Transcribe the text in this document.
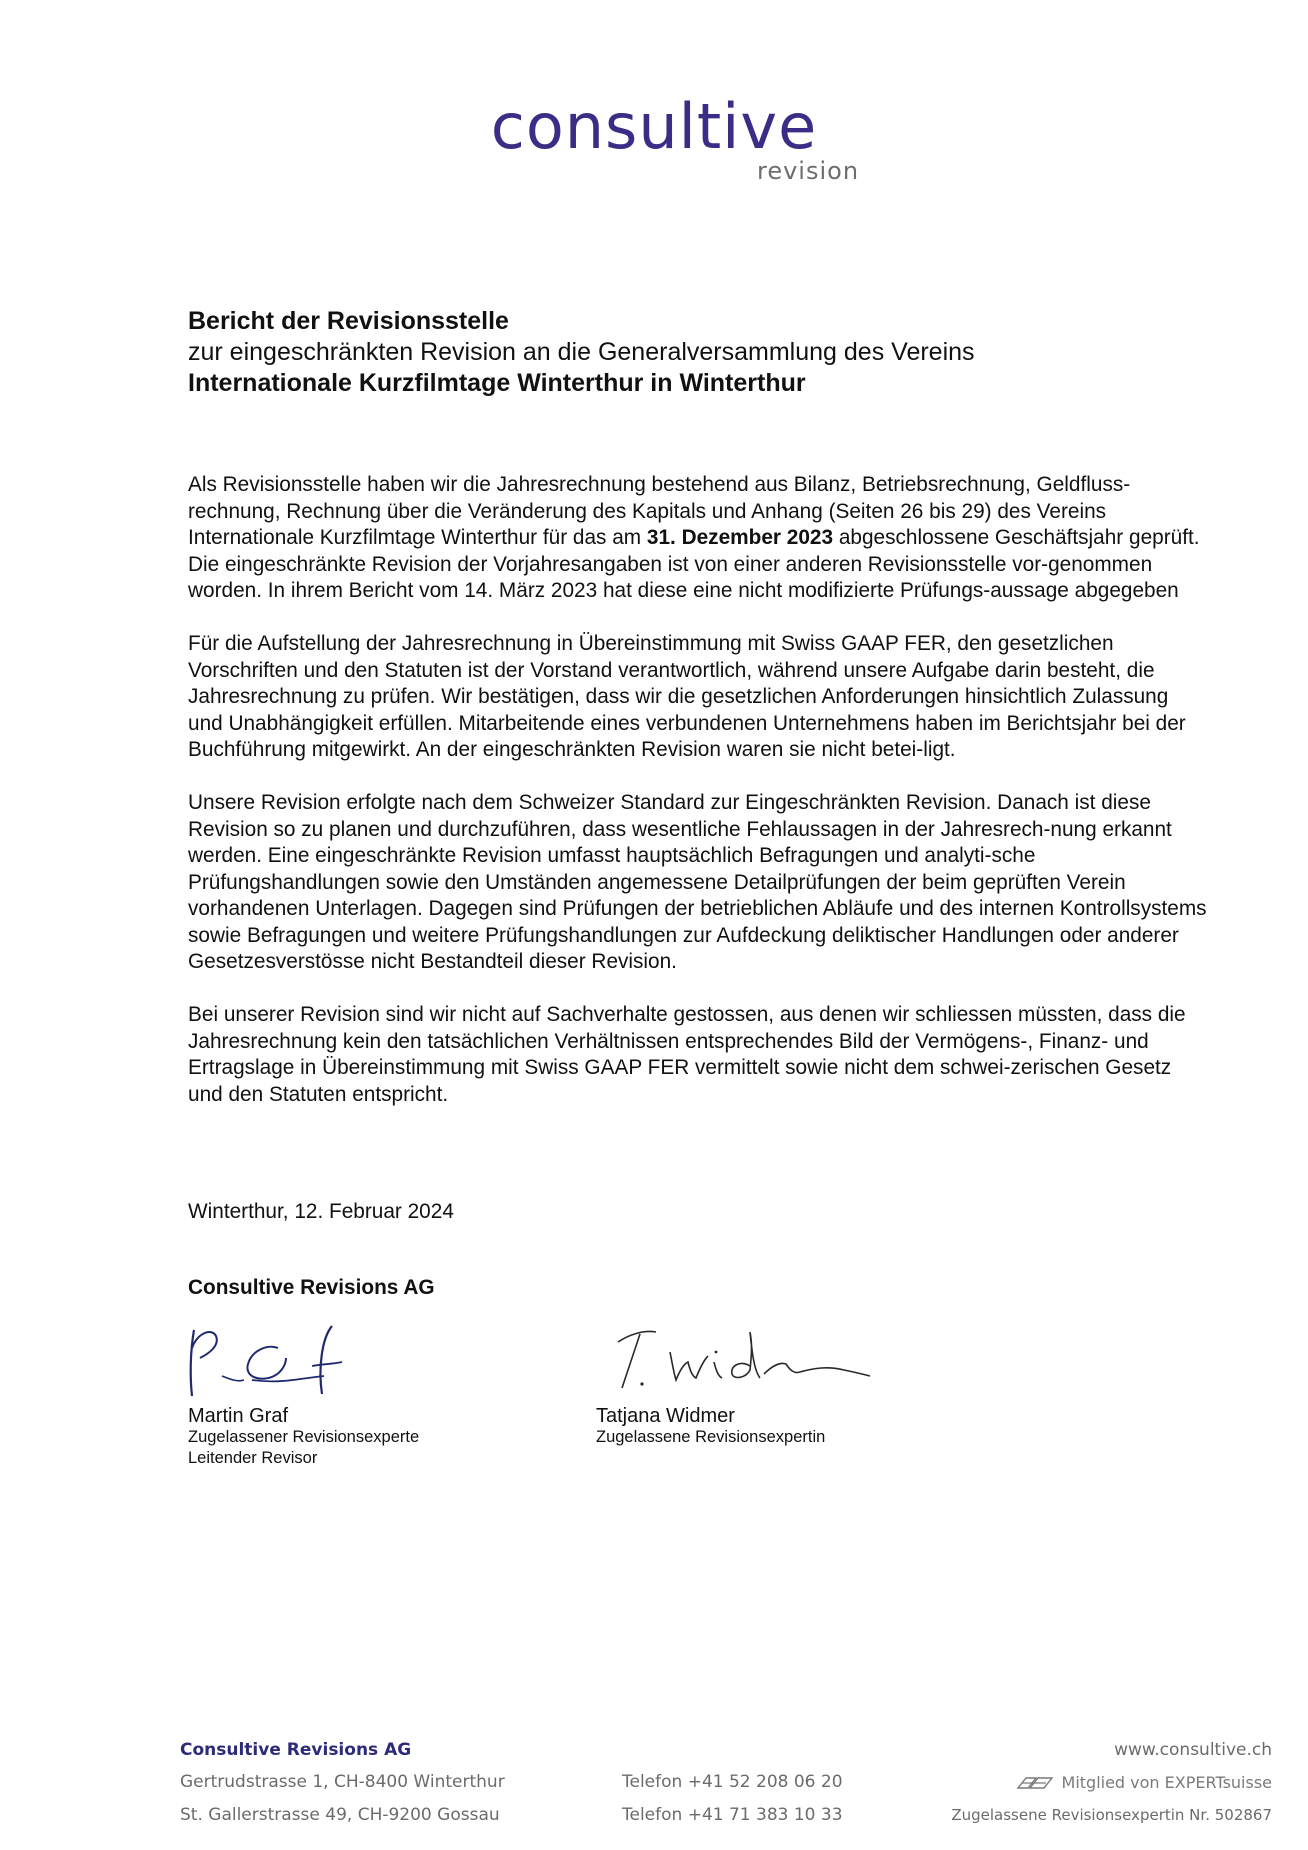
consultive
revision
Bericht der Revisionsstelle
zur eingeschränkten Revision an die Generalversammlung des Vereins
Internationale Kurzfilmtage Winterthur in Winterthur

Als Revisionsstelle haben wir die Jahresrechnung bestehend aus Bilanz, Betriebsrechnung, Geldfluss-rechnung, Rechnung über die Veränderung des Kapitals und Anhang (Seiten 26 bis 29) des Vereins Internationale Kurzfilmtage Winterthur für das am 31. Dezember 2023 abgeschlossene Geschäftsjahr geprüft. Die eingeschränkte Revision der Vorjahresangaben ist von einer anderen Revisionsstelle vor-genommen worden. In ihrem Bericht vom 14. März 2023 hat diese eine nicht modifizierte Prüfungs-aussage abgegeben

Für die Aufstellung der Jahresrechnung in Übereinstimmung mit Swiss GAAP FER, den gesetzlichen Vorschriften und den Statuten ist der Vorstand verantwortlich, während unsere Aufgabe darin besteht, die Jahresrechnung zu prüfen. Wir bestätigen, dass wir die gesetzlichen Anforderungen hinsichtlich Zulassung und Unabhängigkeit erfüllen. Mitarbeitende eines verbundenen Unternehmens haben im Berichtsjahr bei der Buchführung mitgewirkt. An der eingeschränkten Revision waren sie nicht betei-ligt.

Unsere Revision erfolgte nach dem Schweizer Standard zur Eingeschränkten Revision. Danach ist diese Revision so zu planen und durchzuführen, dass wesentliche Fehlaussagen in der Jahresrech-nung erkannt werden. Eine eingeschränkte Revision umfasst hauptsächlich Befragungen und analyti-sche Prüfungshandlungen sowie den Umständen angemessene Detailprüfungen der beim geprüften Verein vorhandenen Unterlagen. Dagegen sind Prüfungen der betrieblichen Abläufe und des internen Kontrollsystems sowie Befragungen und weitere Prüfungshandlungen zur Aufdeckung deliktischer Handlungen oder anderer Gesetzesverstösse nicht Bestandteil dieser Revision.

Bei unserer Revision sind wir nicht auf Sachverhalte gestossen, aus denen wir schliessen müssten, dass die Jahresrechnung kein den tatsächlichen Verhältnissen entsprechendes Bild der Vermögens-, Finanz- und Ertragslage in Übereinstimmung mit Swiss GAAP FER vermittelt sowie nicht dem schwei-zerischen Gesetz und den Statuten entspricht.

Winterthur, 12. Februar 2024
Consultive Revisions AG
Martin Graf
Zugelassener Revisionsexperte
Leitender Revisor
Tatjana Widmer
Zugelassene Revisionsexpertin
Consultive Revisions AG
Gertrudstrasse 1, CH-8400 Winterthur
St. Gallerstrasse 49, CH-9200 Gossau
Telefon +41 52 208 06 20
Telefon +41 71 383 10 33
www.consultive.ch
Mitglied von EXPERTsuisse
Zugelassene Revisionsexpertin Nr. 502867
